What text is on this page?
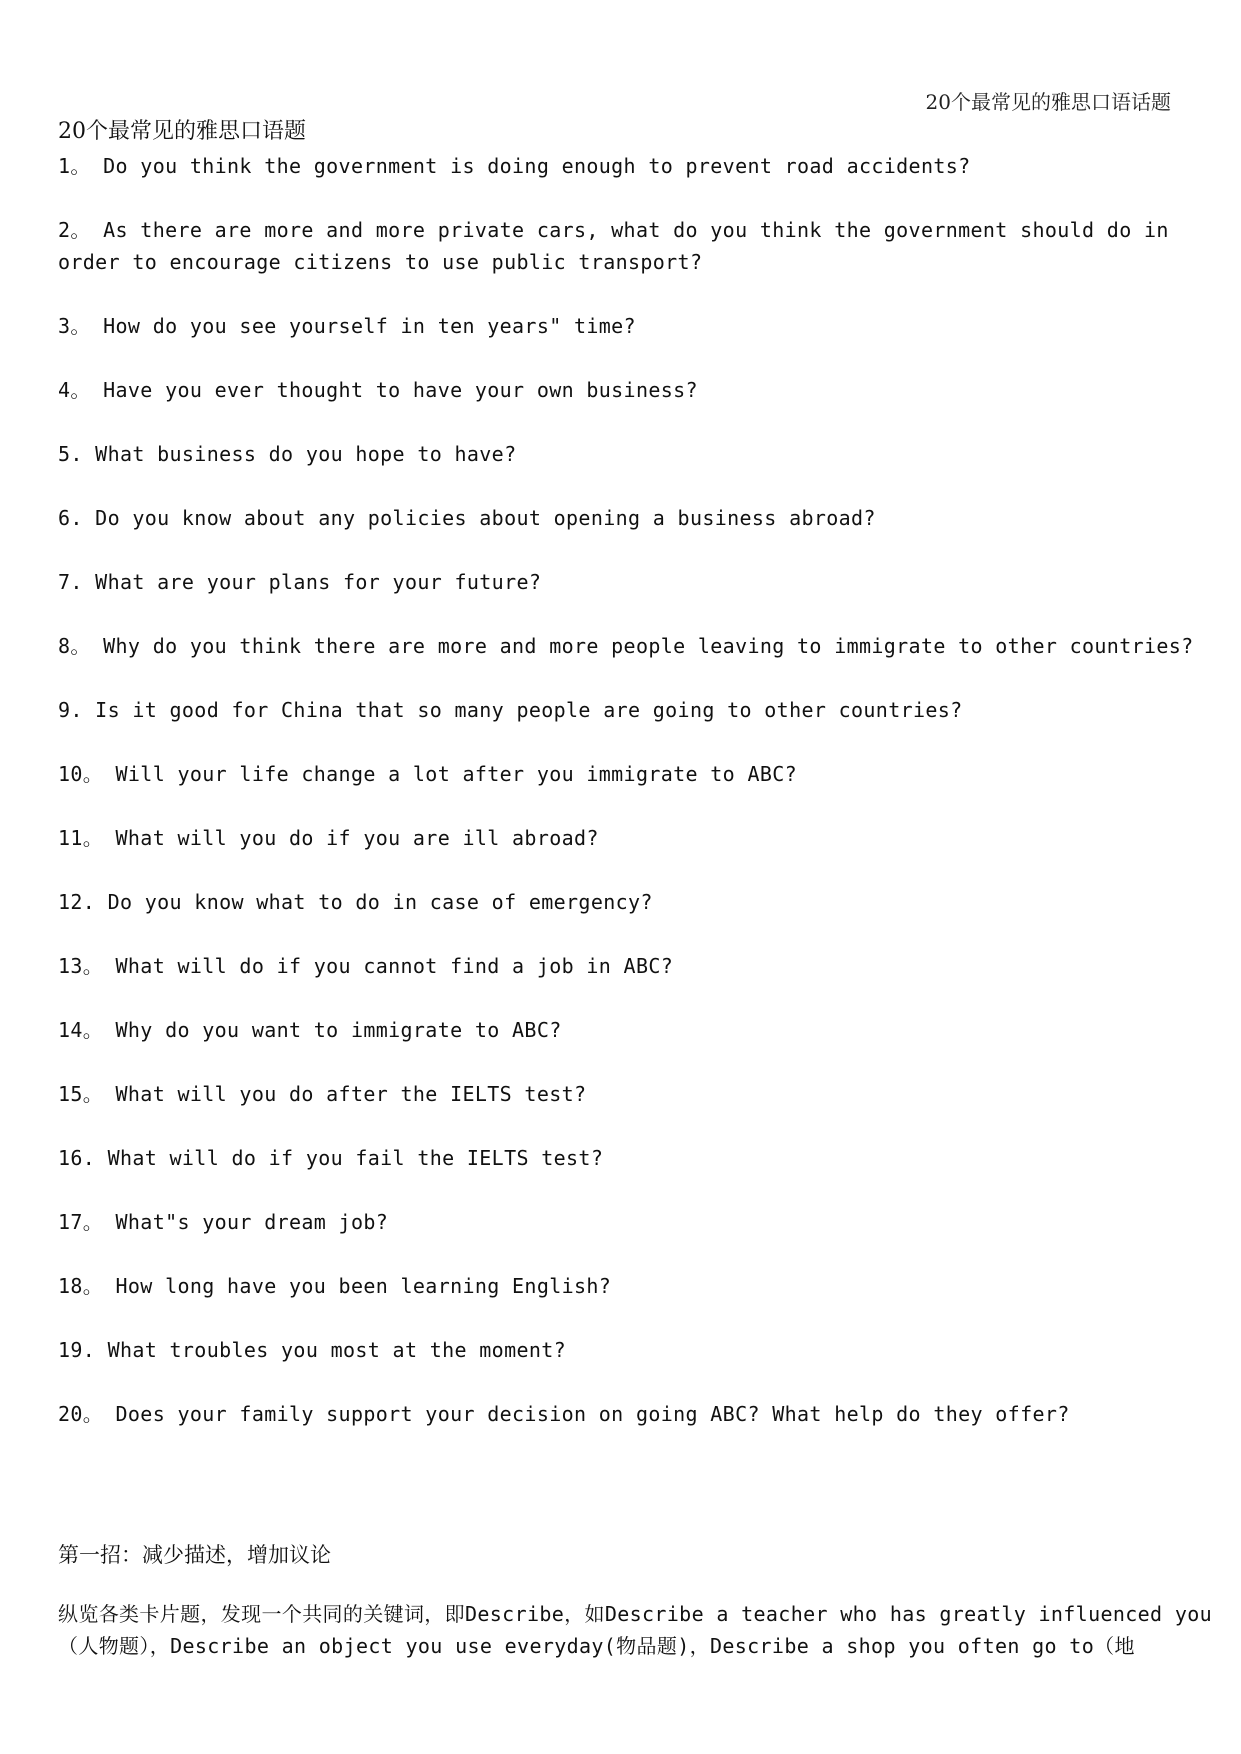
20个最常见的雅思口语话题
20个最常见的雅思口语题
1。 Do you think the government is doing enough to prevent road accidents?
2。 As there are more and more private cars, what do you think the government should do in order to encourage citizens to use public transport?
3。 How do you see yourself in ten years" time?
4。 Have you ever thought to have your own business?
5. What business do you hope to have?
6. Do you know about any policies about opening a business abroad?
7. What are your plans for your future?
8。 Why do you think there are more and more people leaving to immigrate to other countries?
9. Is it good for China that so many people are going to other countries?
10。 Will your life change a lot after you immigrate to ABC?
11。 What will you do if you are ill abroad?
12. Do you know what to do in case of emergency?
13。 What will do if you cannot find a job in ABC?
14。 Why do you want to immigrate to ABC?
15。 What will you do after the IELTS test?
16. What will do if you fail the IELTS test?
17。 What"s your dream job?
18。 How long have you been learning English?
19. What troubles you most at the moment?
20。 Does your family support your decision on going ABC? What help do they offer?

第一招：减少描述，增加议论

纵览各类卡片题，发现一个共同的关键词，即Describe，如Describe a teacher who has greatly influenced you（人物题），Describe an object you use everyday(物品题)，Describe a shop you often go to（地
